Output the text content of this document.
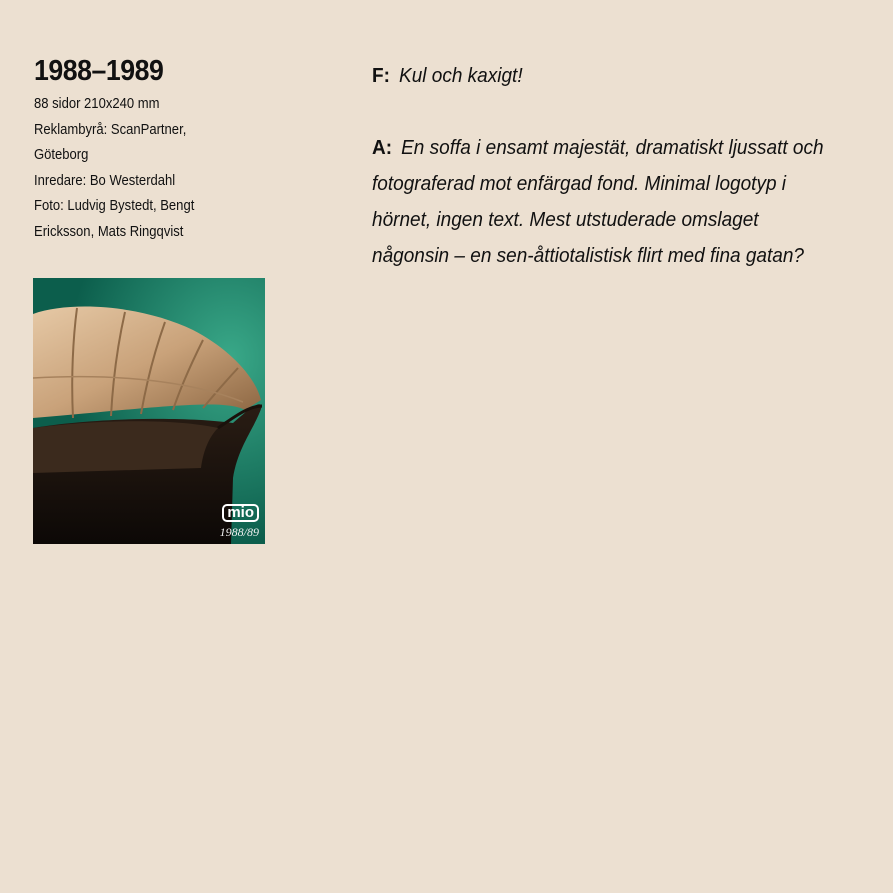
1988–1989
88 sidor 210x240 mm
Reklambyrå: ScanPartner,
Göteborg
Inredare: Bo Westerdahl
Foto: Ludvig Bystedt, Bengt
Ericksson, Mats Ringqvist
mio
1988/89

F: Kul och kaxigt!

A: En soffa i ensamt majestät, dramatiskt ljussatt och fotograferad mot enfärgad fond. Minimal logotyp i hörnet, ingen text. Mest utstuderade omslaget någonsin – en sen-åttiotalistisk flirt med fina gatan?
